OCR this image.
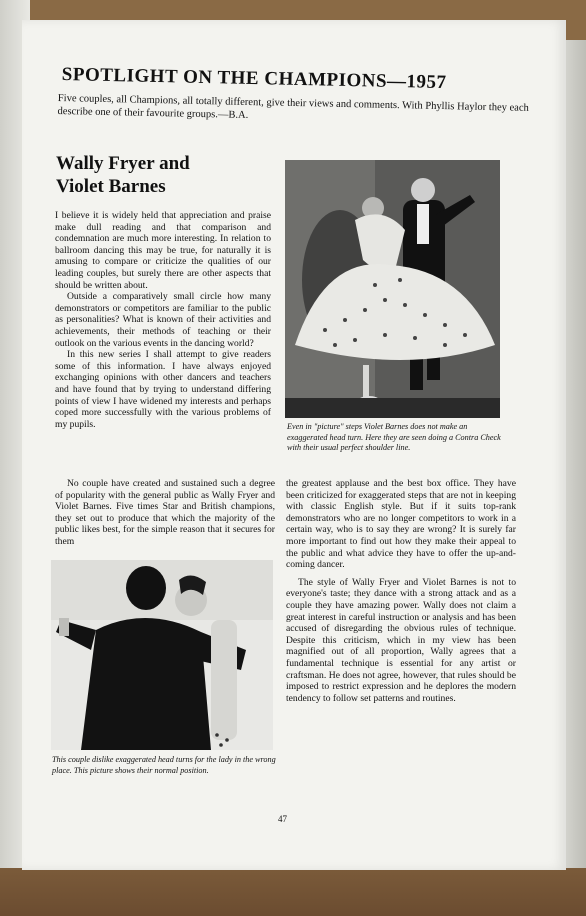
SPOTLIGHT ON THE CHAMPIONS—1957
Five couples, all Champions, all totally different, give their views and comments. With Phyllis Haylor they each describe one of their favourite groups.—B.A.
Wally Fryer and
Violet Barnes

I believe it is widely held that appreciation and praise make dull reading and that comparison and condemnation are much more interesting. In relation to ballroom dancing this may be true, for naturally it is amusing to compare or criticize the qualities of our leading couples, but surely there are other aspects that should be written about.

Outside a comparatively small circle how many demonstrators or competitors are familiar to the public as personalities? What is known of their activities and achievements, their methods of teaching or their outlook on the various events in the dancing world?

In this new series I shall attempt to give readers some of this information. I have always enjoyed exchanging opinions with other dancers and teachers and have found that by trying to understand differing points of view I have widened my interests and perhaps coped more successfully with the various problems of my pupils.	Even in "picture" steps Violet Barnes does not make an exaggerated head turn. Here they are seen doing a Contra Check with their usual perfect shoulder line.

No couple have created and sustained such a degree of popularity with the general public as Wally Fryer and Violet Barnes. Five times Star and British champions, they set out to produce that which the majority of the public likes best, for the simple reason that it secures for them

the greatest applause and the best box office. They have been criticized for exaggerated steps that are not in keeping with classic English style. But if it suits top-rank demonstrators who are no longer competitors to work in a certain way, who is to say they are wrong? It is surely far more important to find out how they make their appeal to the public and what advice they have to offer the up-and-coming dancer.

The style of Wally Fryer and Violet Barnes is not to everyone's taste; they dance with a strong attack and as a couple they have amazing power. Wally does not claim a great interest in careful instruction or analysis and has been accused of disregarding the obvious rules of technique. Despite this criticism, which in my view has been magnified out of all proportion, Wally agrees that a fundamental technique is essential for any artist or craftsman. He does not agree, however, that rules should be imposed to restrict expression and he deplores the modern tendency to follow set patterns and routines.

This couple dislike exaggerated head turns for the lady in the wrong place. This picture shows their normal position.
47
